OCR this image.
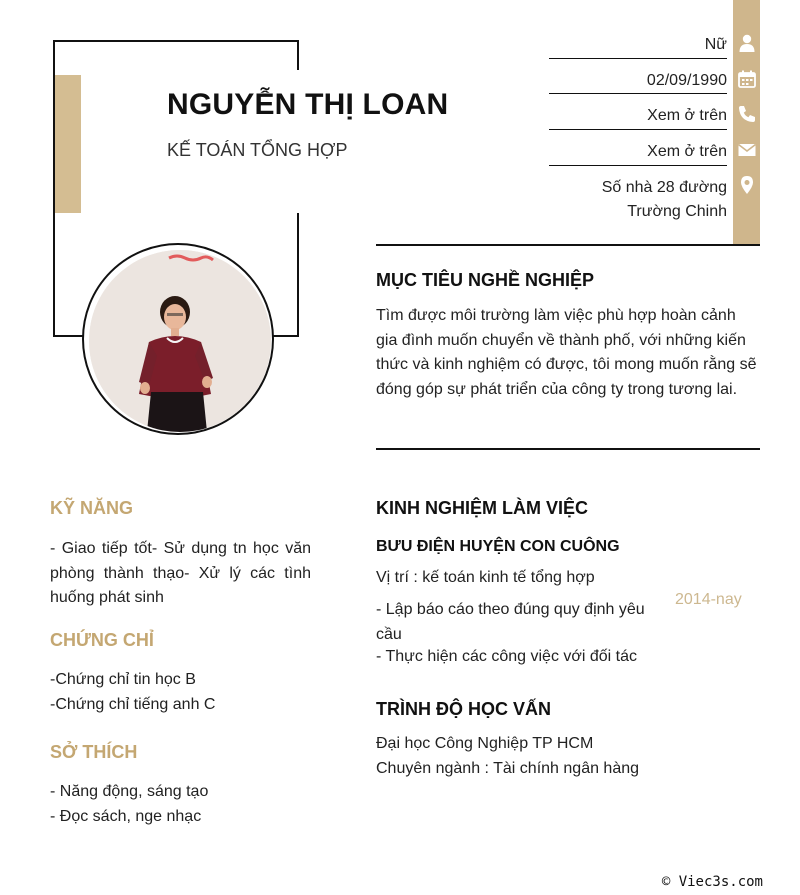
NGUYỄN THỊ LOAN
KẾ TOÁN TỔNG HỢP
Nữ
02/09/1990
Xem ở trên
Xem ở trên
Số nhà 28 đường
Trường Chinh
MỤC TIÊU NGHỀ NGHIỆP
Tìm được môi trường làm việc phù hợp hoàn cảnh gia đình muốn chuyển về thành phố, với những kiến thức và kinh nghiệm có được, tôi mong muốn rằng sẽ đóng góp sự phát triển của công ty trong tương lai.
KỸ NĂNG
- Giao tiếp tốt- Sử dụng tn học văn phòng thành thạo- Xử lý các tình huống phát sinh
CHỨNG CHỈ
-Chứng chỉ tin học B
-Chứng chỉ tiếng anh C
SỞ THÍCH
- Năng động, sáng tạo
- Đọc sách, nge nhạc
KINH NGHIỆM LÀM VIỆC
BƯU ĐIỆN HUYỆN CON CUÔNG
Vị trí : kế toán kinh tế tổng hợp
2014-nay
- Lập báo cáo theo đúng quy định yêu cầu
- Thực hiện các công việc với đối tác
TRÌNH ĐỘ HỌC VẤN
Đại học Công Nghiệp TP HCM
Chuyên ngành : Tài chính ngân hàng
© Viec3s.com
